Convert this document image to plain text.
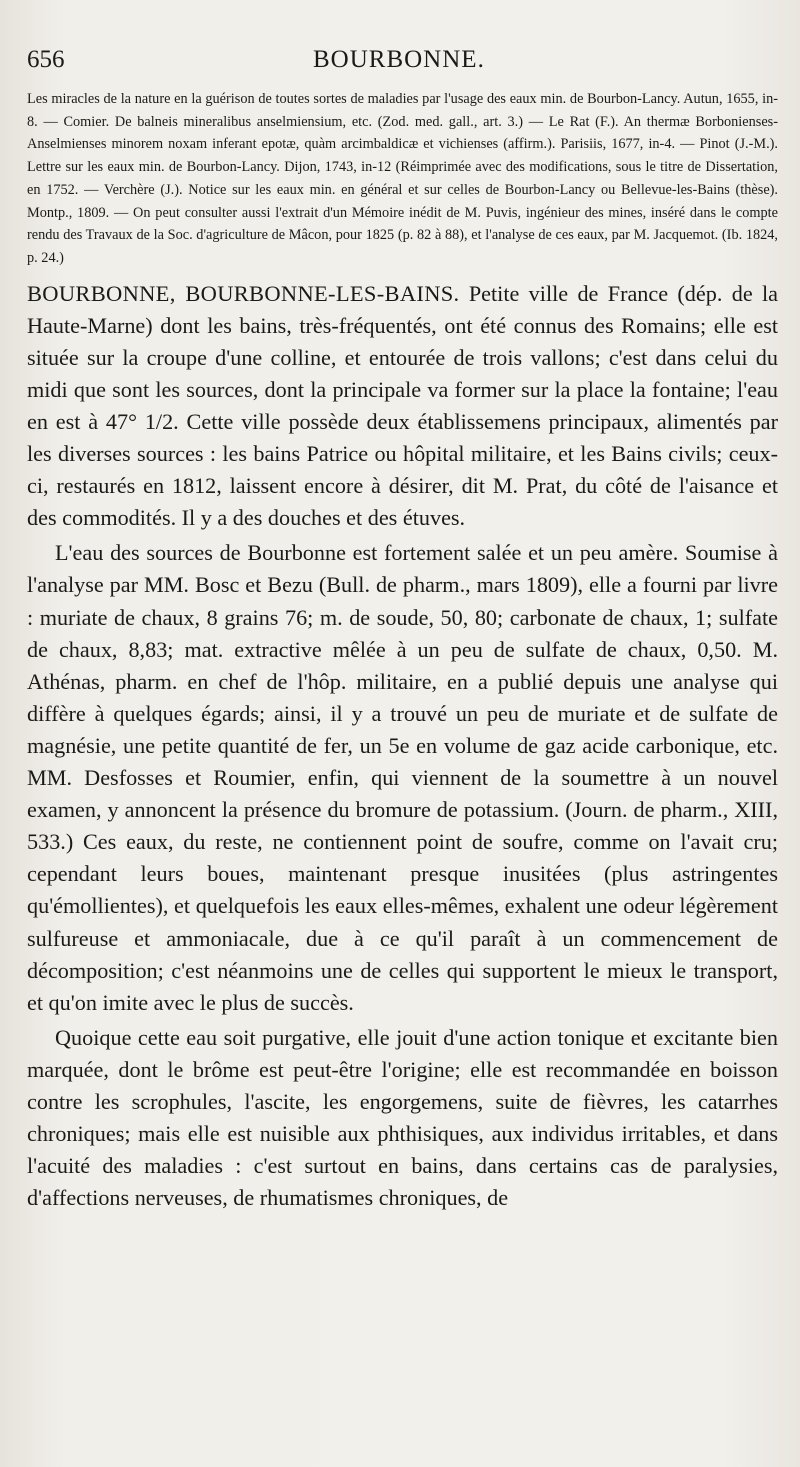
656	BOURBONNE.

Les miracles de la nature en la guérison de toutes sortes de maladies par l'usage des eaux min. de Bourbon-Lancy. Autun, 1655, in-8. — Comier. De balneis mineralibus anselmiensium, etc. (Zod. med. gall., art. 3.) — Le Rat (F.). An thermæ Borbonienses-Anselmienses minorem noxam inferant epotæ, quàm arcimbaldicæ et vichienses (affirm.). Parisiis, 1677, in-4. — Pinot (J.-M.). Lettre sur les eaux min. de Bourbon-Lancy. Dijon, 1743, in-12 (Réimprimée avec des modifications, sous le titre de Dissertation, en 1752. — Verchère (J.). Notice sur les eaux min. en général et sur celles de Bourbon-Lancy ou Bellevue-les-Bains (thèse). Montp., 1809. — On peut consulter aussi l'extrait d'un Mémoire inédit de M. Puvis, ingénieur des mines, inséré dans le compte rendu des Travaux de la Soc. d'agriculture de Mâcon, pour 1825 (p. 82 à 88), et l'analyse de ces eaux, par M. Jacquemot. (Ib. 1824, p. 24.)

BOURBONNE, BOURBONNE-LES-BAINS. Petite ville de France (dép. de la Haute-Marne) dont les bains, très-fréquentés, ont été connus des Romains; elle est située sur la croupe d'une colline, et entourée de trois vallons; c'est dans celui du midi que sont les sources, dont la principale va former sur la place la fontaine; l'eau en est à 47° 1/2. Cette ville possède deux établissemens principaux, alimentés par les diverses sources : les bains Patrice ou hôpital militaire, et les Bains civils; ceux-ci, restaurés en 1812, laissent encore à désirer, dit M. Prat, du côté de l'aisance et des commodités. Il y a des douches et des étuves.

L'eau des sources de Bourbonne est fortement salée et un peu amère. Soumise à l'analyse par MM. Bosc et Bezu (Bull. de pharm., mars 1809), elle a fourni par livre : muriate de chaux, 8 grains 76; m. de soude, 50, 80; carbonate de chaux, 1; sulfate de chaux, 8,83; mat. extractive mêlée à un peu de sulfate de chaux, 0,50. M. Athénas, pharm. en chef de l'hôp. militaire, en a publié depuis une analyse qui diffère à quelques égards; ainsi, il y a trouvé un peu de muriate et de sulfate de magnésie, une petite quantité de fer, un 5e en volume de gaz acide carbonique, etc. MM. Desfosses et Roumier, enfin, qui viennent de la soumettre à un nouvel examen, y annoncent la présence du bromure de potassium. (Journ. de pharm., XIII, 533.) Ces eaux, du reste, ne contiennent point de soufre, comme on l'avait cru; cependant leurs boues, maintenant presque inusitées (plus astringentes qu'émollientes), et quelquefois les eaux elles-mêmes, exhalent une odeur légèrement sulfureuse et ammoniacale, due à ce qu'il paraît à un commencement de décomposition; c'est néanmoins une de celles qui supportent le mieux le transport, et qu'on imite avec le plus de succès.

Quoique cette eau soit purgative, elle jouit d'une action tonique et excitante bien marquée, dont le brôme est peut-être l'origine; elle est recommandée en boisson contre les scrophules, l'ascite, les engorgemens, suite de fièvres, les catarrhes chroniques; mais elle est nuisible aux phthisiques, aux individus irritables, et dans l'acuité des maladies : c'est surtout en bains, dans certains cas de paralysies, d'affections nerveuses, de rhumatismes chroniques, de
